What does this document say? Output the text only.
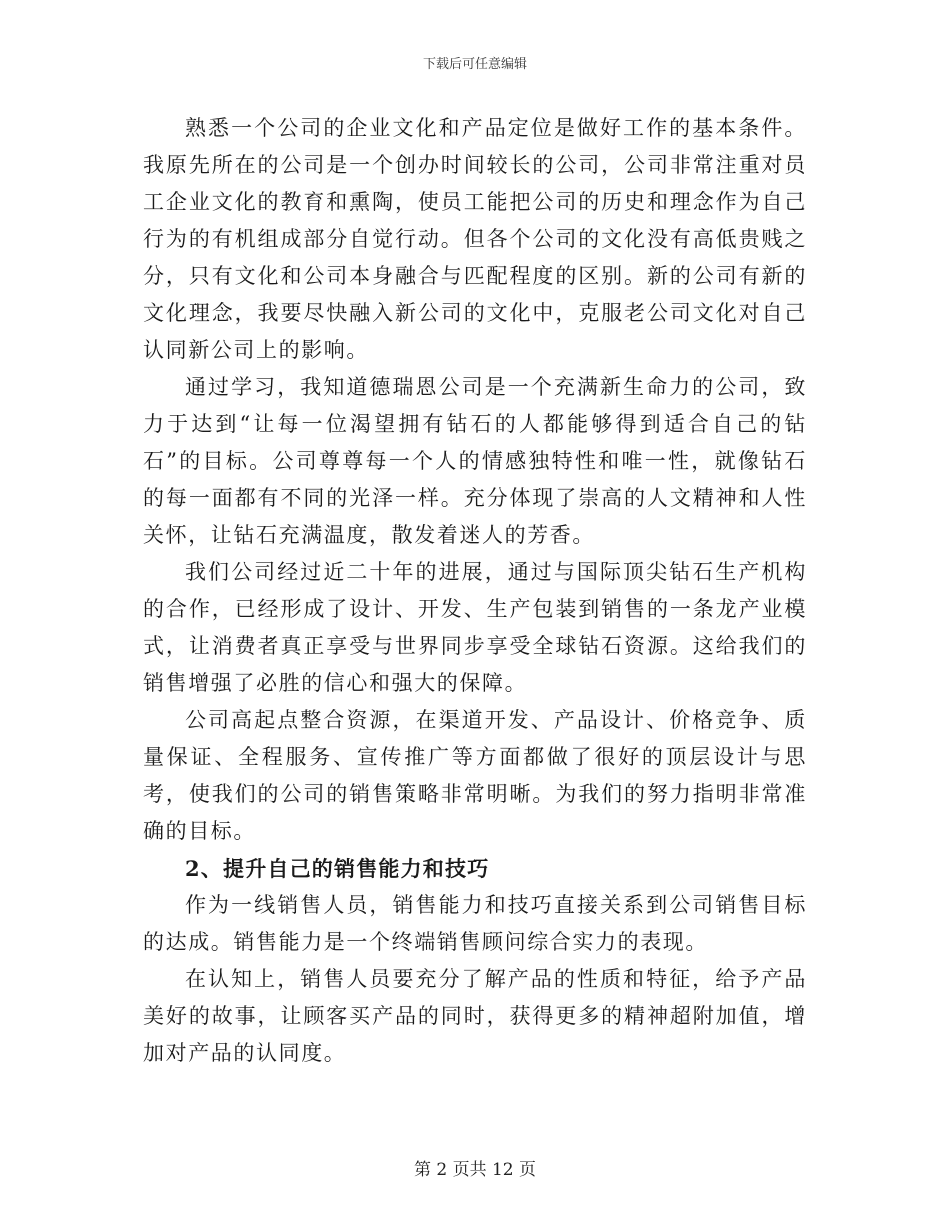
下载后可任意编辑

熟悉一个公司的企业文化和产品定位是做好工作的基本条件。我原先所在的公司是一个创办时间较长的公司，公司非常注重对员工企业文化的教育和熏陶，使员工能把公司的历史和理念作为自己行为的有机组成部分自觉行动。但各个公司的文化没有高低贵贱之分，只有文化和公司本身融合与匹配程度的区别。新的公司有新的文化理念，我要尽快融入新公司的文化中，克服老公司文化对自己认同新公司上的影响。

通过学习，我知道德瑞恩公司是一个充满新生命力的公司，致力于达到“让每一位渴望拥有钻石的人都能够得到适合自己的钻石”的目标。公司尊尊每一个人的情感独特性和唯一性，就像钻石的每一面都有不同的光泽一样。充分体现了崇高的人文精神和人性关怀，让钻石充满温度，散发着迷人的芳香。

我们公司经过近二十年的进展，通过与国际顶尖钻石生产机构的合作，已经形成了设计、开发、生产包装到销售的一条龙产业模式，让消费者真正享受与世界同步享受全球钻石资源。这给我们的销售增强了必胜的信心和强大的保障。

公司高起点整合资源，在渠道开发、产品设计、价格竞争、质量保证、全程服务、宣传推广等方面都做了很好的顶层设计与思考，使我们的公司的销售策略非常明晰。为我们的努力指明非常准确的目标。

2、提升自己的销售能力和技巧

作为一线销售人员，销售能力和技巧直接关系到公司销售目标的达成。销售能力是一个终端销售顾问综合实力的表现。

在认知上，销售人员要充分了解产品的性质和特征，给予产品美好的故事，让顾客买产品的同时，获得更多的精神超附加值，增加对产品的认同度。

第 2 页共 12 页
